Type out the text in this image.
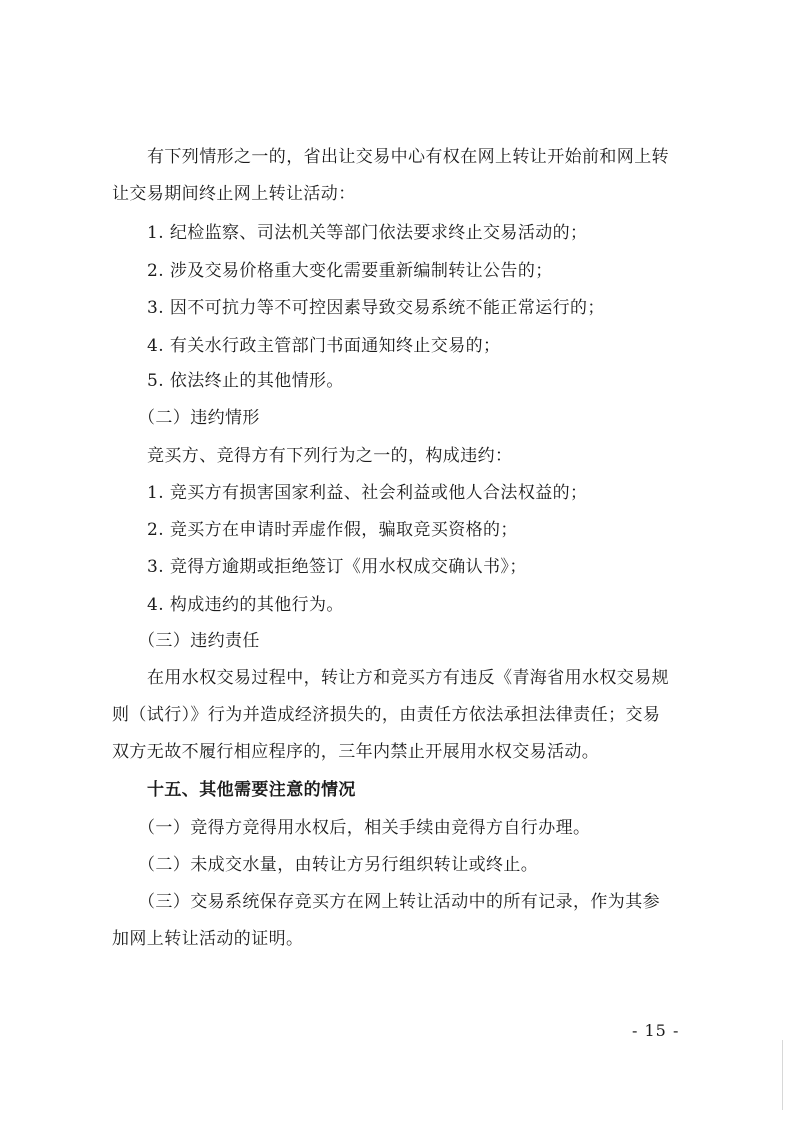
有下列情形之一的，省出让交易中心有权在网上转让开始前和网上转
让交易期间终止网上转让活动：
1. 纪检监察、司法机关等部门依法要求终止交易活动的；
2. 涉及交易价格重大变化需要重新编制转让公告的；
3. 因不可抗力等不可控因素导致交易系统不能正常运行的；
4. 有关水行政主管部门书面通知终止交易的；
5. 依法终止的其他情形。
（二）违约情形
竞买方、竞得方有下列行为之一的，构成违约：
1. 竞买方有损害国家利益、社会利益或他人合法权益的；
2. 竞买方在申请时弄虚作假，骗取竞买资格的；
3. 竞得方逾期或拒绝签订《用水权成交确认书》；
4. 构成违约的其他行为。
（三）违约责任
在用水权交易过程中，转让方和竞买方有违反《青海省用水权交易规
则（试行）》行为并造成经济损失的，由责任方依法承担法律责任；交易
双方无故不履行相应程序的，三年内禁止开展用水权交易活动。
十五、其他需要注意的情况
（一）竞得方竞得用水权后，相关手续由竞得方自行办理。
（二）未成交水量，由转让方另行组织转让或终止。
（三）交易系统保存竞买方在网上转让活动中的所有记录，作为其参
加网上转让活动的证明。
- 15 -
